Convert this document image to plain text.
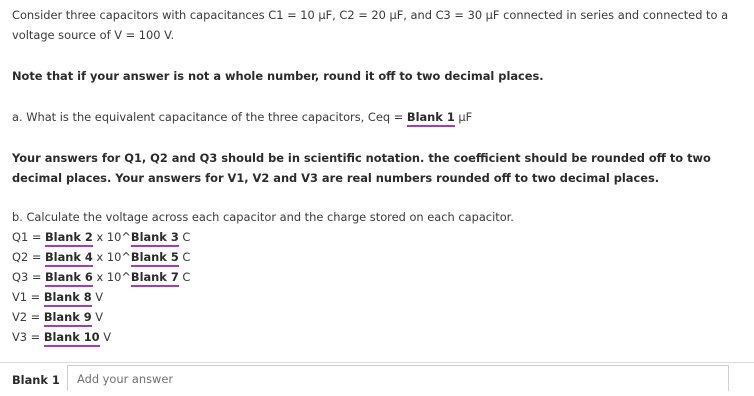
Consider three capacitors with capacitances C1 = 10 µF, C2 = 20 µF, and C3 = 30 µF connected in series and connected to a
voltage source of V = 100 V.
Note that if your answer is not a whole number, round it off to two decimal places.
a. What is the equivalent capacitance of the three capacitors, Ceq = Blank 1 µF
Your answers for Q1, Q2 and Q3 should be in scientific notation. the coefficient should be rounded off to two
decimal places. Your answers for V1, V2 and V3 are real numbers rounded off to two decimal places.
b. Calculate the voltage across each capacitor and the charge stored on each capacitor.
Q1 = Blank 2 x 10^Blank 3 C
Q2 = Blank 4 x 10^Blank 5 C
Q3 = Blank 6 x 10^Blank 7 C
V1 = Blank 8 V
V2 = Blank 9 V
V3 = Blank 10 V
Blank 1
Add your answer
